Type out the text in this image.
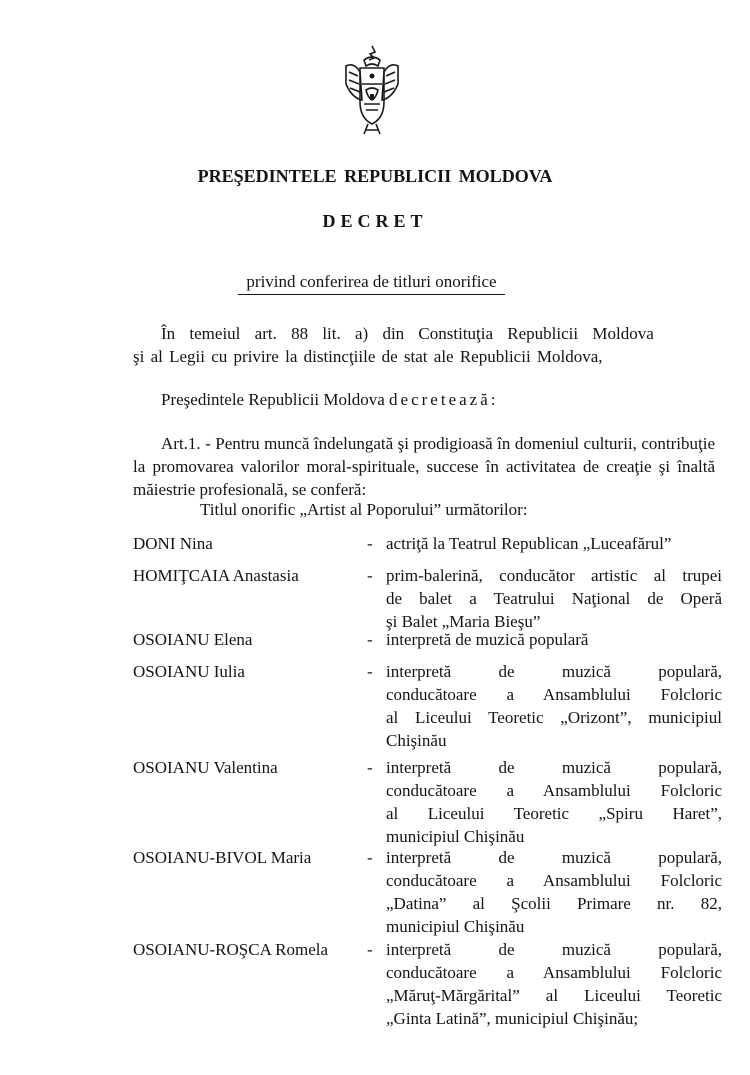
PREŞEDINTELE REPUBLICII MOLDOVA
DECRET
privind conferirea de titluri onorifice

În temeiul art. 88 lit. a) din Constituţia Republicii Moldova
şi al Legii cu privire la distincţiile de stat ale Republicii Moldova,

Preşedintele Republicii Moldova decretează:

Art.1. - Pentru muncă îndelungată şi prodigioasă în domeniul culturii, contribuţie la promovarea valorilor moral-spirituale, succese în activitatea de creaţie şi înaltă măiestrie profesională, se conferă:

Titlul onorific „Artist al Poporului” următorilor:

DONI Nina	- actriţă la Teatrul Republican „Luceafărul”
HOMIŢCAIA Anastasia	- prim-balerină, conducător artistic al trupei
de balet a Teatrului Naţional de Operă
şi Balet „Maria Bieşu”
OSOIANU Elena	- interpretă de muzică populară
OSOIANU Iulia	- interpretă de muzică populară,
conducătoare a Ansamblului Folcloric
al Liceului Teoretic „Orizont”, municipiul
Chişinău
OSOIANU Valentina	- interpretă de muzică populară,
conducătoare a Ansamblului Folcloric
al Liceului Teoretic „Spiru Haret”,
municipiul Chişinău
OSOIANU-BIVOL Maria	- interpretă de muzică populară,
conducătoare a Ansamblului Folcloric
„Datina” al Şcolii Primare nr. 82,
municipiul Chişinău
OSOIANU-ROŞCA Romela	- interpretă de muzică populară,
conducătoare a Ansamblului Folcloric
„Măruţ-Mărgărital” al Liceului Teoretic
„Ginta Latină”, municipiul Chişinău;
